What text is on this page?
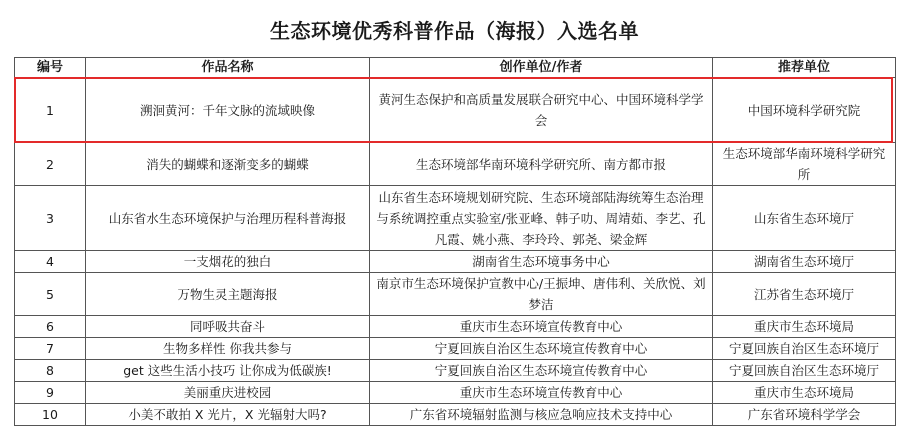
生态环境优秀科普作品（海报）入选名单
编号	作品名称	创作单位/作者	推荐单位
1	溯洄黄河：千年文脉的流域映像	黄河生态保护和高质量发展联合研究中心、中国环境科学学会	中国环境科学研究院
2	消失的蝴蝶和逐渐变多的蝴蝶	生态环境部华南环境科学研究所、南方都市报	生态环境部华南环境科学研究所
3	山东省水生态环境保护与治理历程科普海报	山东省生态环境规划研究院、生态环境部陆海统筹生态治理与系统调控重点实验室/张亚峰、韩子叻、周靖茹、李艺、孔凡霞、姚小燕、李玲玲、郭尧、梁金辉	山东省生态环境厅
4	一支烟花的独白	湖南省生态环境事务中心	湖南省生态环境厅
5	万物生灵主题海报	南京市生态环境保护宣教中心/王振坤、唐伟利、关欣悦、刘梦洁	江苏省生态环境厅
6	同呼吸共奋斗	重庆市生态环境宣传教育中心	重庆市生态环境局
7	生物多样性 你我共参与	宁夏回族自治区生态环境宣传教育中心	宁夏回族自治区生态环境厅
8	get 这些生活小技巧 让你成为低碳族!	宁夏回族自治区生态环境宣传教育中心	宁夏回族自治区生态环境厅
9	美丽重庆进校园	重庆市生态环境宣传教育中心	重庆市生态环境局
10	小美不敢拍 X 光片，X 光辐射大吗?	广东省环境辐射监测与核应急响应技术支持中心	广东省环境科学学会
